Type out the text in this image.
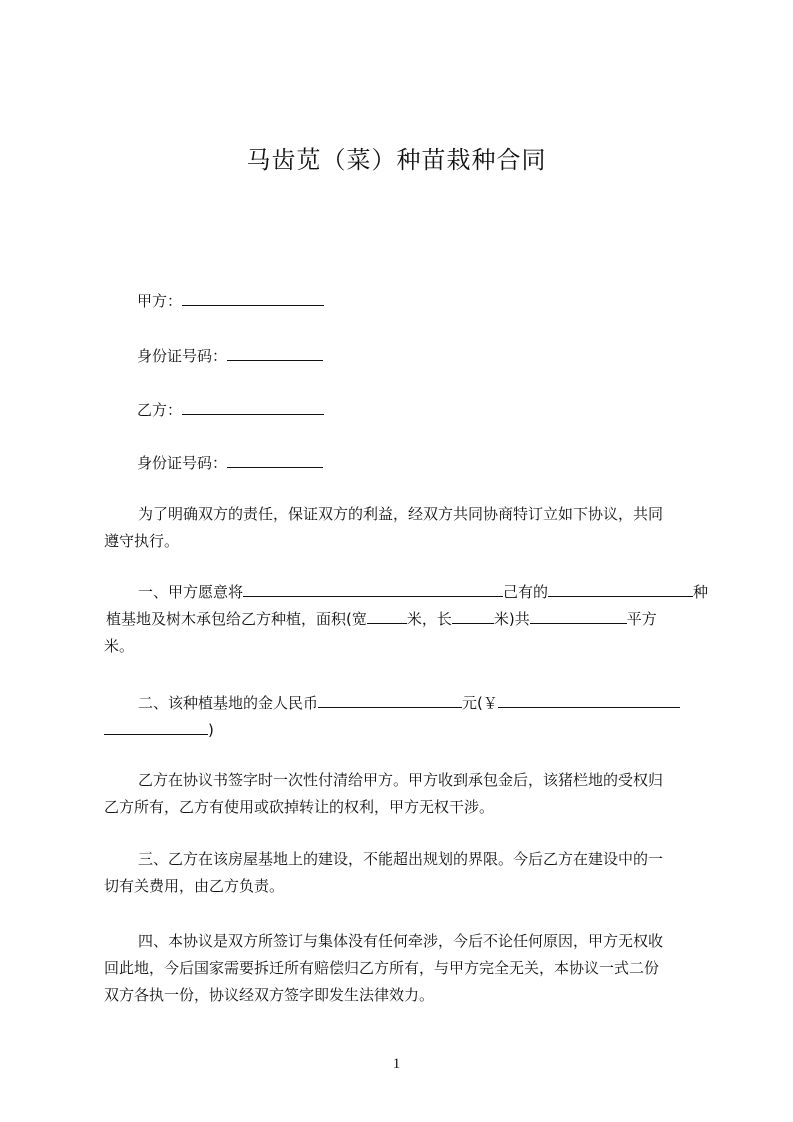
马齿苋（菜）种苗栽种合同
甲方：
身份证号码：
乙方：
身份证号码：
为了明确双方的责任，保证双方的利益，经双方共同协商特订立如下协议，共同
遵守执行。
一、甲方愿意将	己有的	种
植基地及树木承包给乙方种植，面积(宽	米，长	米)共	平方
米。
二、该种植基地的金人民币	元(￥
)
乙方在协议书签字时一次性付清给甲方。甲方收到承包金后，该猪栏地的受权归
乙方所有，乙方有使用或砍掉转让的权利，甲方无权干涉。
三、乙方在该房屋基地上的建设，不能超出规划的界限。今后乙方在建设中的一
切有关费用，由乙方负责。
四、本协议是双方所签订与集体没有任何牵涉，今后不论任何原因，甲方无权收
回此地，今后国家需要拆迁所有赔偿归乙方所有，与甲方完全无关，本协议一式二份
双方各执一份，协议经双方签字即发生法律效力。
1
